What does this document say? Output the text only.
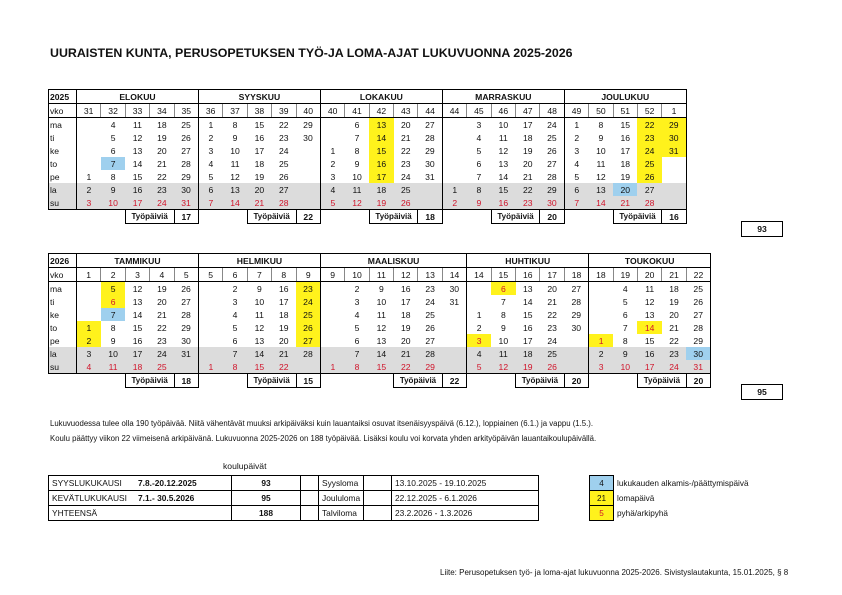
UURAISTEN KUNTA, PERUSOPETUKSEN TYÖ-JA LOMA-AJAT LUKUVUONNA 2025-2026
2025	ELOKUU					SYYSKUU					LOKAKUU					MARRASKUU					JOULUKUU				
vko	31	32	33	34	35	36	37	38	39	40	40	41	42	43	44	44	45	46	47	48	49	50	51	52	1
ma		4	11	18	25	1	8	15	22	29		6	13	20	27		3	10	17	24	1	8	15	22	29
ti		5	12	19	26	2	9	16	23	30		7	14	21	28		4	11	18	25	2	9	16	23	30
ke		6	13	20	27	3	10	17	24		1	8	15	22	29		5	12	19	26	3	10	17	24	31
to		7	14	21	28	4	11	18	25		2	9	16	23	30		6	13	20	27	4	11	18	25	
pe	1	8	15	22	29	5	12	19	26		3	10	17	24	31		7	14	21	28	5	12	19	26	
la	2	9	16	23	30	6	13	20	27		4	11	18	25		1	8	15	22	29	6	13	20	27	
su	3	10	17	24	31	7	14	21	28		5	12	19	26		2	9	16	23	30	7	14	21	28	
			Työpäiviä		17			Työpäiviä		22			Työpäiviä		18			Työpäiviä		20			Työpäiviä		16
93
2026	TAMMIKUU					HELMIKUU					MAALISKUU						HUHTIKUU					TOUKOKUU				
vko	1	2	3	4	5	5	6	7	8	9	9	10	11	12	13	14	14	15	16	17	18	18	19	20	21	22
ma		5	12	19	26		2	9	16	23		2	9	16	23	30		6	13	20	27		4	11	18	25
ti		6	13	20	27		3	10	17	24		3	10	17	24	31		7	14	21	28		5	12	19	26
ke		7	14	21	28		4	11	18	25		4	11	18	25		1	8	15	22	29		6	13	20	27
to	1	8	15	22	29		5	12	19	26		5	12	19	26		2	9	16	23	30		7	14	21	28
pe	2	9	16	23	30		6	13	20	27		6	13	20	27		3	10	17	24		1	8	15	22	29
la	3	10	17	24	31		7	14	21	28		7	14	21	28		4	11	18	25		2	9	16	23	30
su	4	11	18	25		1	8	15	22		1	8	15	22	29		5	12	19	26		3	10	17	24	31
			Työpäiviä		18			Työpäiviä		15				Työpäiviä		22			Työpäiviä		20			Työpäiviä		20
95
Lukuvuodessa tulee olla 190 työpäivää. Niitä vähentävät muuksi arkipäiväksi kuin lauantaiksi osuvat itsenäisyyspäivä (6.12.), loppiainen (6.1.) ja vappu (1.5.).
Koulu päättyy viikon 22 viimeisenä arkipäivänä. Lukuvuonna 2025-2026 on 188 työpäivää. Lisäksi koulu voi korvata yhden arkityöpäivän lauantaikoulupäivällä.
koulupäivät
SYYSLUKUKAUSI	7.8.-20.12.2025	93	
KEVÄTLUKUKAUSI	7.1.- 30.5.2026	95	
YHTEENSÄ		188	
Syysloma	13.10.2025 - 19.10.2025
Joululoma	22.12.2025 - 6.1.2026
Talviloma	23.2.2026 - 1.3.2026
4	lukukauden alkamis-/päättymispäivä
21	lomapäivä
5	pyhä/arkipyhä
Liite: Perusopetuksen työ- ja loma-ajat lukuvuonna 2025-2026. Sivistyslautakunta, 15.01.2025, § 8
